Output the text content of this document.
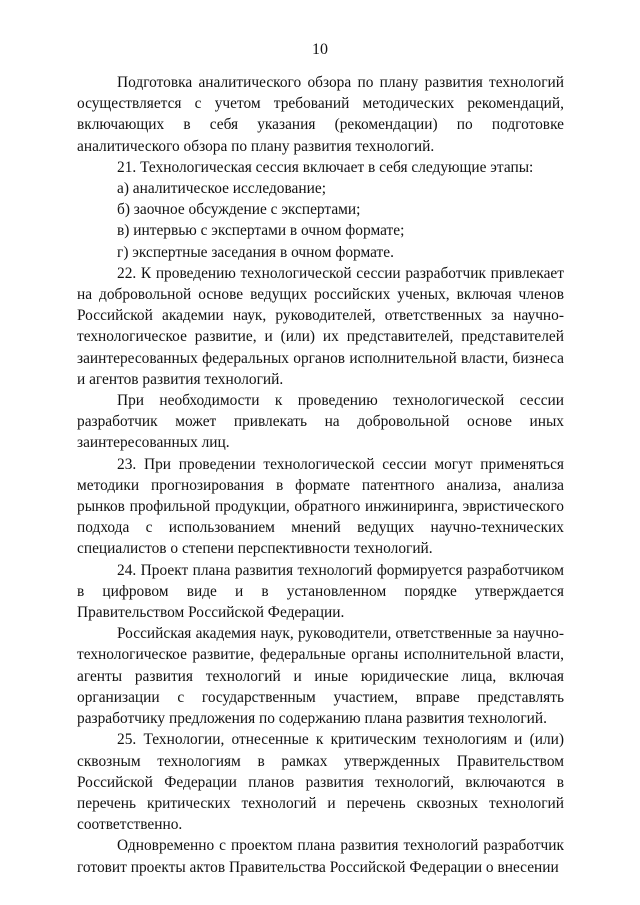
10

Подготовка аналитического обзора по плану развития технологий осуществляется с учетом требований методических рекомендаций, включающих в себя указания (рекомендации) по подготовке аналитического обзора по плану развития технологий.

21. Технологическая сессия включает в себя следующие этапы:

а) аналитическое исследование;

б) заочное обсуждение с экспертами;

в) интервью с экспертами в очном формате;

г) экспертные заседания в очном формате.

22. К проведению технологической сессии разработчик привлекает на добровольной основе ведущих российских ученых, включая членов Российской академии наук, руководителей, ответственных за научно-технологическое развитие, и (или) их представителей, представителей заинтересованных федеральных органов исполнительной власти, бизнеса и агентов развития технологий.

При необходимости к проведению технологической сессии разработчик может привлекать на добровольной основе иных заинтересованных лиц.

23. При проведении технологической сессии могут применяться методики прогнозирования в формате патентного анализа, анализа рынков профильной продукции, обратного инжиниринга, эвристического подхода с использованием мнений ведущих научно-технических специалистов о степени перспективности технологий.

24. Проект плана развития технологий формируется разработчиком в цифровом виде и в установленном порядке утверждается Правительством Российской Федерации.

Российская академия наук, руководители, ответственные за научно-технологическое развитие, федеральные органы исполнительной власти, агенты развития технологий и иные юридические лица, включая организации с государственным участием, вправе представлять разработчику предложения по содержанию плана развития технологий.

25. Технологии, отнесенные к критическим технологиям и (или) сквозным технологиям в рамках утвержденных Правительством Российской Федерации планов развития технологий, включаются в перечень критических технологий и перечень сквозных технологий соответственно.

Одновременно с проектом плана развития технологий разработчик готовит проекты актов Правительства Российской Федерации о внесении
